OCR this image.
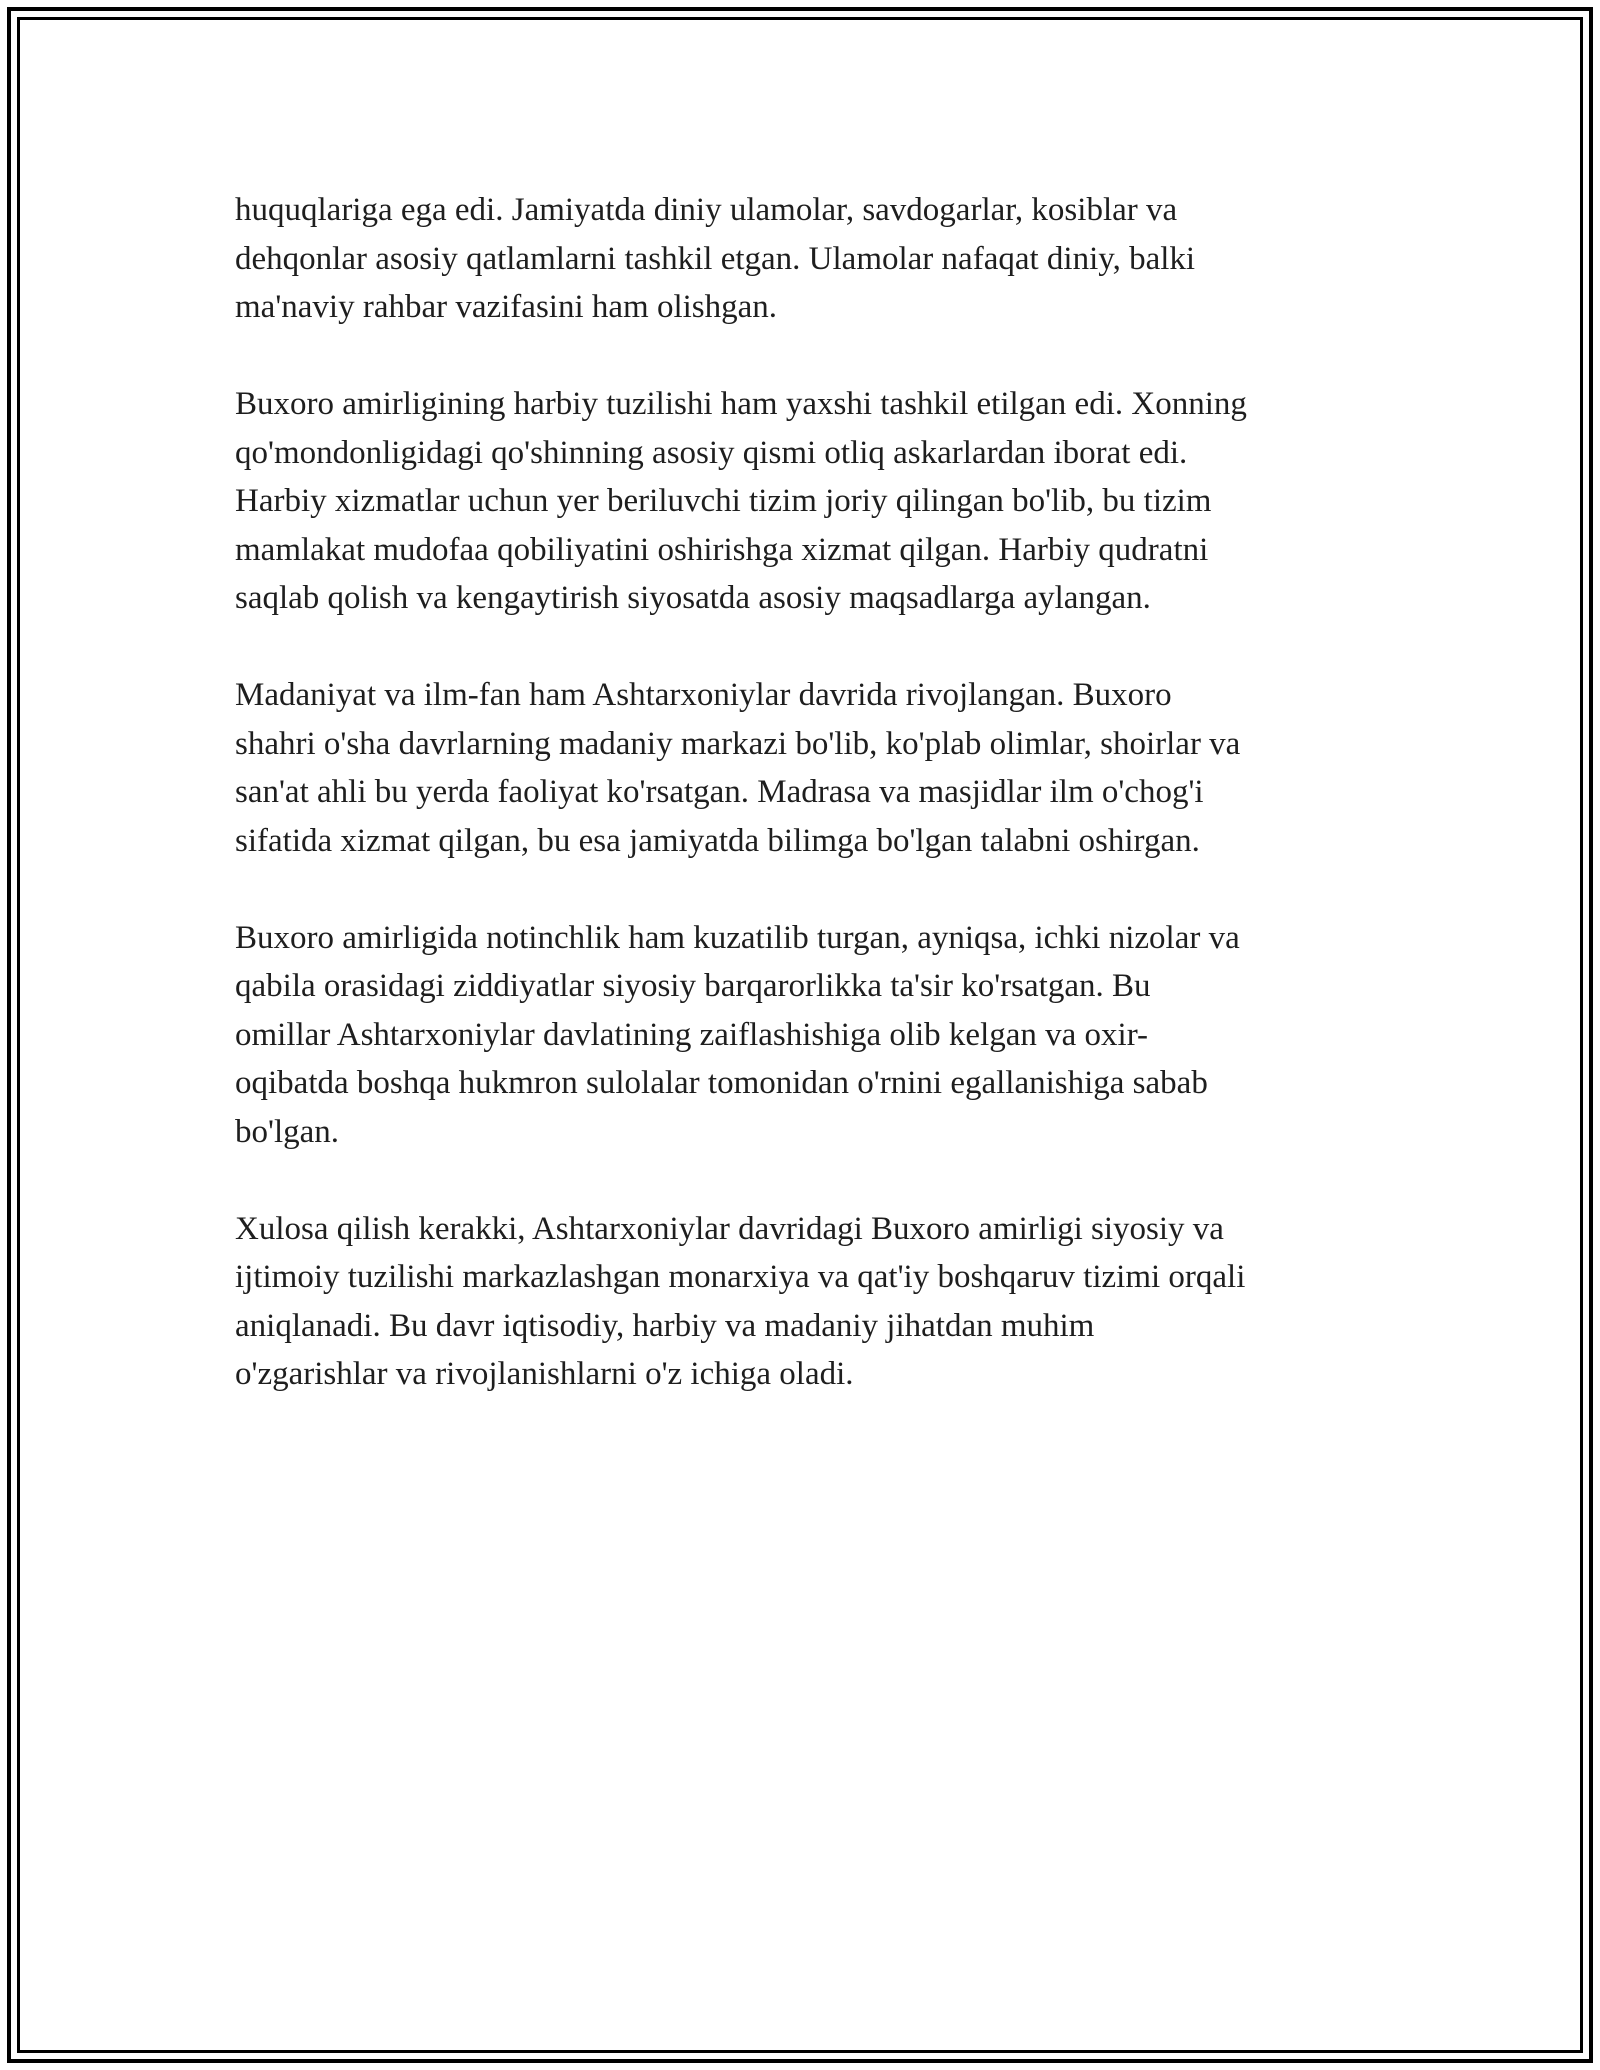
huquqlariga ega edi. Jamiyatda diniy ulamolar, savdogarlar, kosiblar va
dehqonlar asosiy qatlamlarni tashkil etgan. Ulamolar nafaqat diniy, balki
ma'naviy rahbar vazifasini ham olishgan.

Buxoro amirligining harbiy tuzilishi ham yaxshi tashkil etilgan edi. Xonning
qo'mondonligidagi qo'shinning asosiy qismi otliq askarlardan iborat edi.
Harbiy xizmatlar uchun yer beriluvchi tizim joriy qilingan bo'lib, bu tizim
mamlakat mudofaa qobiliyatini oshirishga xizmat qilgan. Harbiy qudratni
saqlab qolish va kengaytirish siyosatda asosiy maqsadlarga aylangan.

Madaniyat va ilm-fan ham Ashtarxoniylar davrida rivojlangan. Buxoro
shahri o'sha davrlarning madaniy markazi bo'lib, ko'plab olimlar, shoirlar va
san'at ahli bu yerda faoliyat ko'rsatgan. Madrasa va masjidlar ilm o'chog'i
sifatida xizmat qilgan, bu esa jamiyatda bilimga bo'lgan talabni oshirgan.

Buxoro amirligida notinchlik ham kuzatilib turgan, ayniqsa, ichki nizolar va
qabila orasidagi ziddiyatlar siyosiy barqarorlikka ta'sir ko'rsatgan. Bu
omillar Ashtarxoniylar davlatining zaiflashishiga olib kelgan va oxir-
oqibatda boshqa hukmron sulolalar tomonidan o'rnini egallanishiga sabab
bo'lgan.

Xulosa qilish kerakki, Ashtarxoniylar davridagi Buxoro amirligi siyosiy va
ijtimoiy tuzilishi markazlashgan monarxiya va qat'iy boshqaruv tizimi orqali
aniqlanadi. Bu davr iqtisodiy, harbiy va madaniy jihatdan muhim
o'zgarishlar va rivojlanishlarni o'z ichiga oladi.
